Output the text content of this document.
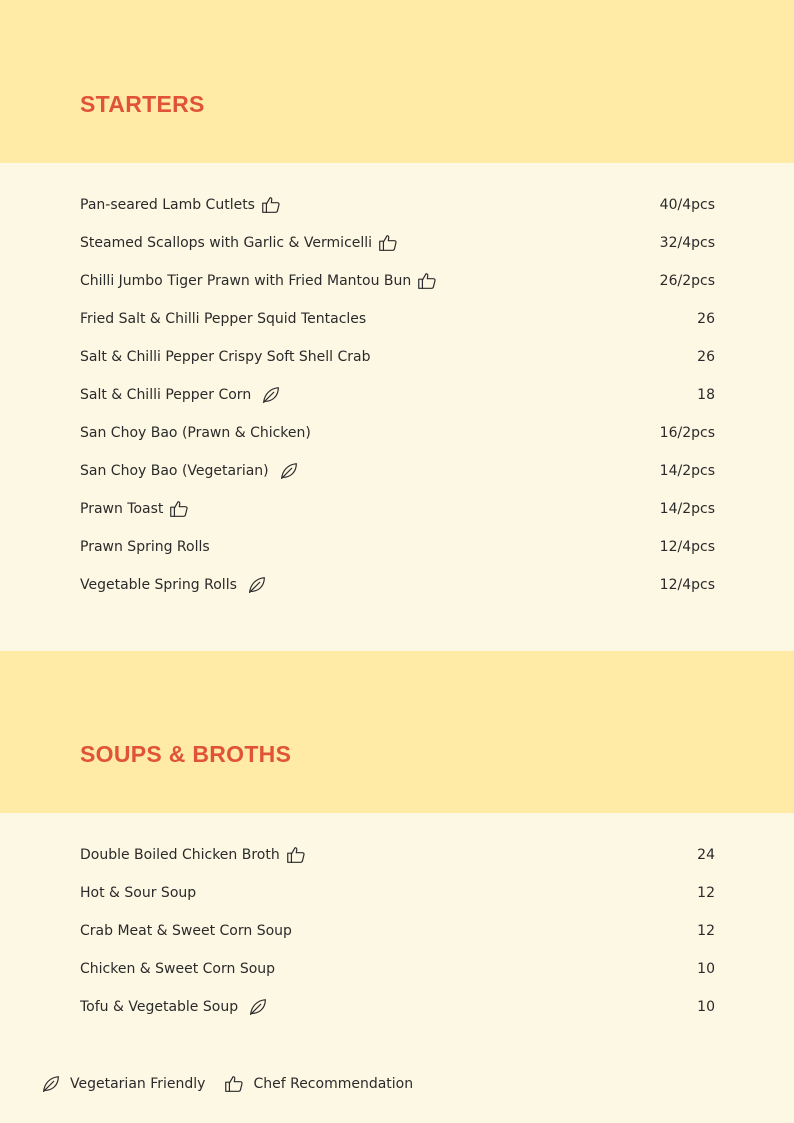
STARTERS
Pan-seared Lamb Cutlets	40/4pcs
Steamed Scallops with Garlic & Vermicelli	32/4pcs
Chilli Jumbo Tiger Prawn with Fried Mantou Bun	26/2pcs
Fried Salt & Chilli Pepper Squid Tentacles	26
Salt & Chilli Pepper Crispy Soft Shell Crab	26
Salt & Chilli Pepper Corn	18
San Choy Bao (Prawn & Chicken)	16/2pcs
San Choy Bao (Vegetarian)	14/2pcs
Prawn Toast	14/2pcs
Prawn Spring Rolls	12/4pcs
Vegetable Spring Rolls	12/4pcs
SOUPS & BROTHS
Double Boiled Chicken Broth	24
Hot & Sour Soup	12
Crab Meat & Sweet Corn Soup	12
Chicken & Sweet Corn Soup	10
Tofu & Vegetable Soup	10
Vegetarian Friendly	Chef Recommendation
